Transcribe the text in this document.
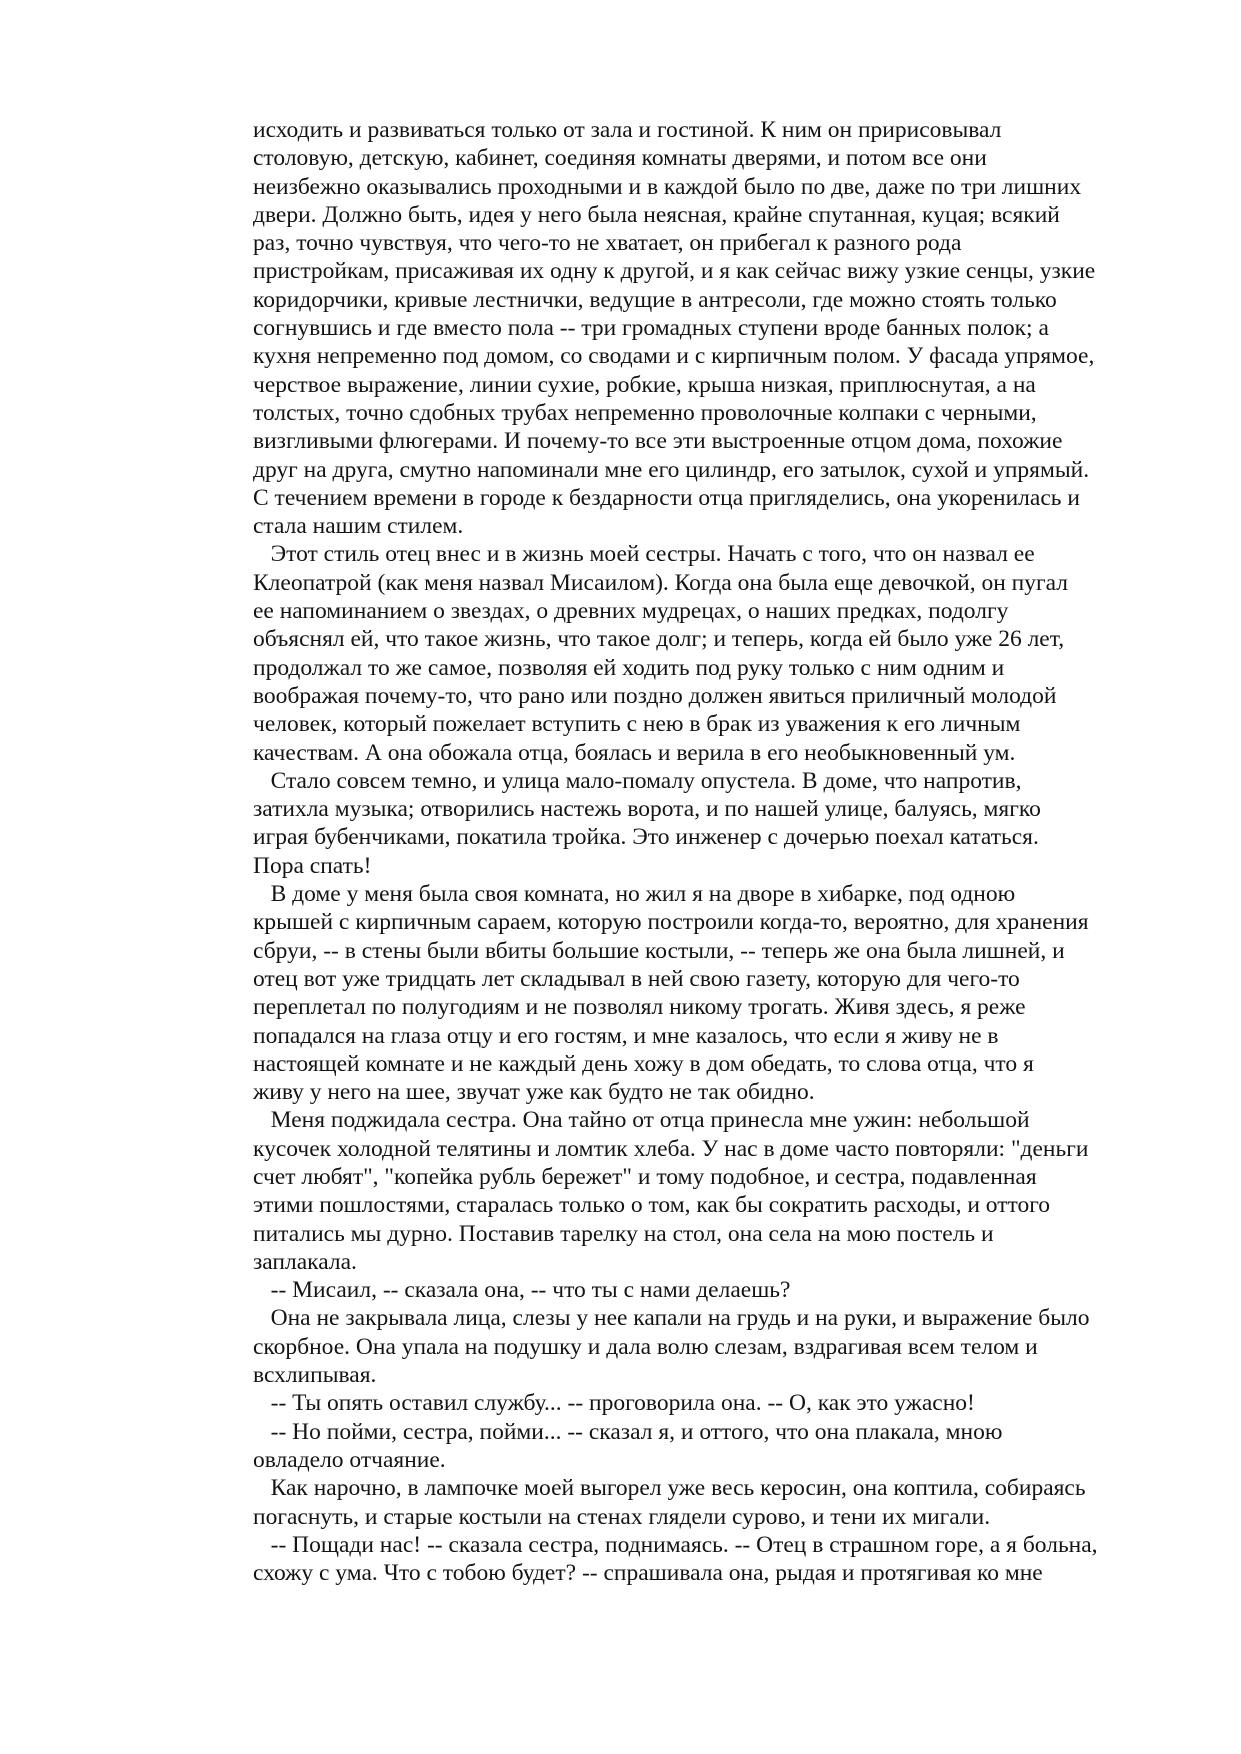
исходить и развиваться только от зала и гостиной. К ним он пририсовывал
столовую, детскую, кабинет, соединяя комнаты дверями, и потом все они
неизбежно оказывались проходными и в каждой было по две, даже по три лишних
двери. Должно быть, идея у него была неясная, крайне спутанная, куцая; всякий
раз, точно чувствуя, что чего-то не хватает, он прибегал к разного рода
пристройкам, присаживая их одну к другой, и я как сейчас вижу узкие сенцы, узкие
коридорчики, кривые лестнички, ведущие в антресоли, где можно стоять только
согнувшись и где вместо пола -- три громадных ступени вроде банных полок; а
кухня непременно под домом, со сводами и с кирпичным полом. У фасада упрямое,
черствое выражение, линии сухие, робкие, крыша низкая, приплюснутая, а на
толстых, точно сдобных трубах непременно проволочные колпаки с черными,
визгливыми флюгерами. И почему-то все эти выстроенные отцом дома, похожие
друг на друга, смутно напоминали мне его цилиндр, его затылок, сухой и упрямый.
С течением времени в городе к бездарности отца пригляделись, она укоренилась и
стала нашим стилем.
Этот стиль отец внес и в жизнь моей сестры. Начать с того, что он назвал ее
Клеопатрой (как меня назвал Мисаилом). Когда она была еще девочкой, он пугал
ее напоминанием о звездах, о древних мудрецах, о наших предках, подолгу
объяснял ей, что такое жизнь, что такое долг; и теперь, когда ей было уже 26 лет,
продолжал то же самое, позволяя ей ходить под руку только с ним одним и
воображая почему-то, что рано или поздно должен явиться приличный молодой
человек, который пожелает вступить с нею в брак из уважения к его личным
качествам. А она обожала отца, боялась и верила в его необыкновенный ум.
Стало совсем темно, и улица мало-помалу опустела. В доме, что напротив,
затихла музыка; отворились настежь ворота, и по нашей улице, балуясь, мягко
играя бубенчиками, покатила тройка. Это инженер с дочерью поехал кататься.
Пора спать!
В доме у меня была своя комната, но жил я на дворе в хибарке, под одною
крышей с кирпичным сараем, которую построили когда-то, вероятно, для хранения
сбруи, -- в стены были вбиты большие костыли, -- теперь же она была лишней, и
отец вот уже тридцать лет складывал в ней свою газету, которую для чего-то
переплетал по полугодиям и не позволял никому трогать. Живя здесь, я реже
попадался на глаза отцу и его гостям, и мне казалось, что если я живу не в
настоящей комнате и не каждый день хожу в дом обедать, то слова отца, что я
живу у него на шее, звучат уже как будто не так обидно.
Меня поджидала сестра. Она тайно от отца принесла мне ужин: небольшой
кусочек холодной телятины и ломтик хлеба. У нас в доме часто повторяли: "деньги
счет любят", "копейка рубль бережет" и тому подобное, и сестра, подавленная
этими пошлостями, старалась только о том, как бы сократить расходы, и оттого
питались мы дурно. Поставив тарелку на стол, она села на мою постель и
заплакала.
-- Мисаил, -- сказала она, -- что ты с нами делаешь?
Она не закрывала лица, слезы у нее капали на грудь и на руки, и выражение было
скорбное. Она упала на подушку и дала волю слезам, вздрагивая всем телом и
всхлипывая.
-- Ты опять оставил службу... -- проговорила она. -- О, как это ужасно!
-- Но пойми, сестра, пойми... -- сказал я, и оттого, что она плакала, мною
овладело отчаяние.
Как нарочно, в лампочке моей выгорел уже весь керосин, она коптила, собираясь
погаснуть, и старые костыли на стенах глядели сурово, и тени их мигали.
-- Пощади нас! -- сказала сестра, поднимаясь. -- Отец в страшном горе, а я больна,
схожу с ума. Что с тобою будет? -- спрашивала она, рыдая и протягивая ко мне
